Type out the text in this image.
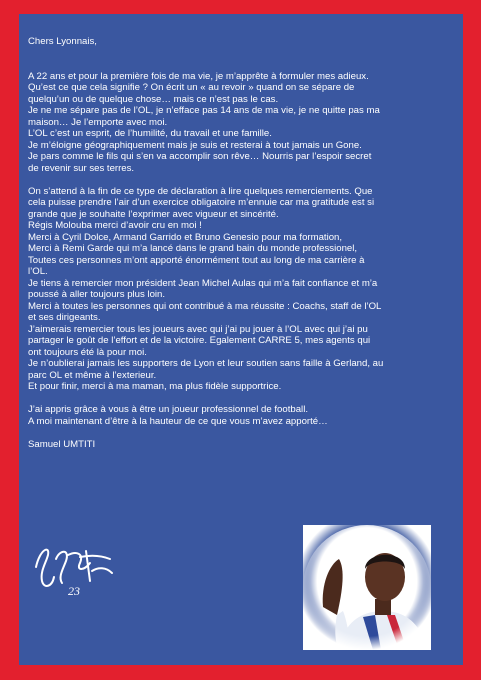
Chers Lyonnais,

A 22 ans et pour la première fois de ma vie, je m’apprête à formuler mes adieux.

Qu’est ce que cela signifie ? On écrit un « au revoir » quand on se sépare de

quelqu’un ou de quelque chose… mais ce n’est pas le cas.

Je ne me sépare pas de l’OL, je n’efface pas 14 ans de ma vie, je ne quitte pas ma

maison… Je l’emporte avec moi.

L’OL c’est un esprit, de l’humilité, du travail et une famille.

Je m’éloigne géographiquement mais je suis et resterai à tout jamais un Gone.

Je pars comme le fils qui s’en va accomplir son rêve… Nourris par l’espoir secret

de revenir sur ses terres.

On s’attend à la fin de ce type de déclaration à lire quelques remerciements. Que

cela puisse prendre l’air d’un exercice obligatoire m’ennuie car ma gratitude est si

grande que je souhaite l’exprimer avec vigueur et sincérité.

Régis Molouba merci d’avoir cru en moi !

Merci à Cyril Dolce, Armand Garrido et Bruno Genesio pour ma formation,

Merci à Remi Garde qui m’a lancé dans le grand bain du monde professionel,

Toutes ces personnes m’ont apporté énormément tout au long de ma carrière à

l’OL.

Je tiens à remercier mon président Jean Michel Aulas qui m’a fait confiance et m’a

poussé à aller toujours plus loin.

Merci à toutes les personnes qui ont contribué à ma réussite : Coachs, staff de l’OL

et ses dirigeants.

J’aimerais remercier tous les joueurs avec qui j’ai pu jouer à l’OL avec qui j’ai pu

partager le goût de l’effort et de la victoire. Egalement CARRE 5, mes agents qui

ont toujours été là pour moi.

Je n’oublierai jamais les supporters de Lyon et leur soutien sans faille à Gerland, au

parc OL et même à l’exterieur.

Et pour finir, merci à ma maman, ma plus fidèle supportrice.

J’ai appris grâce à vous à être un joueur professionnel de football.

A moi maintenant d’être à la hauteur de ce que vous m’avez apporté…

Samuel UMTITI

23
